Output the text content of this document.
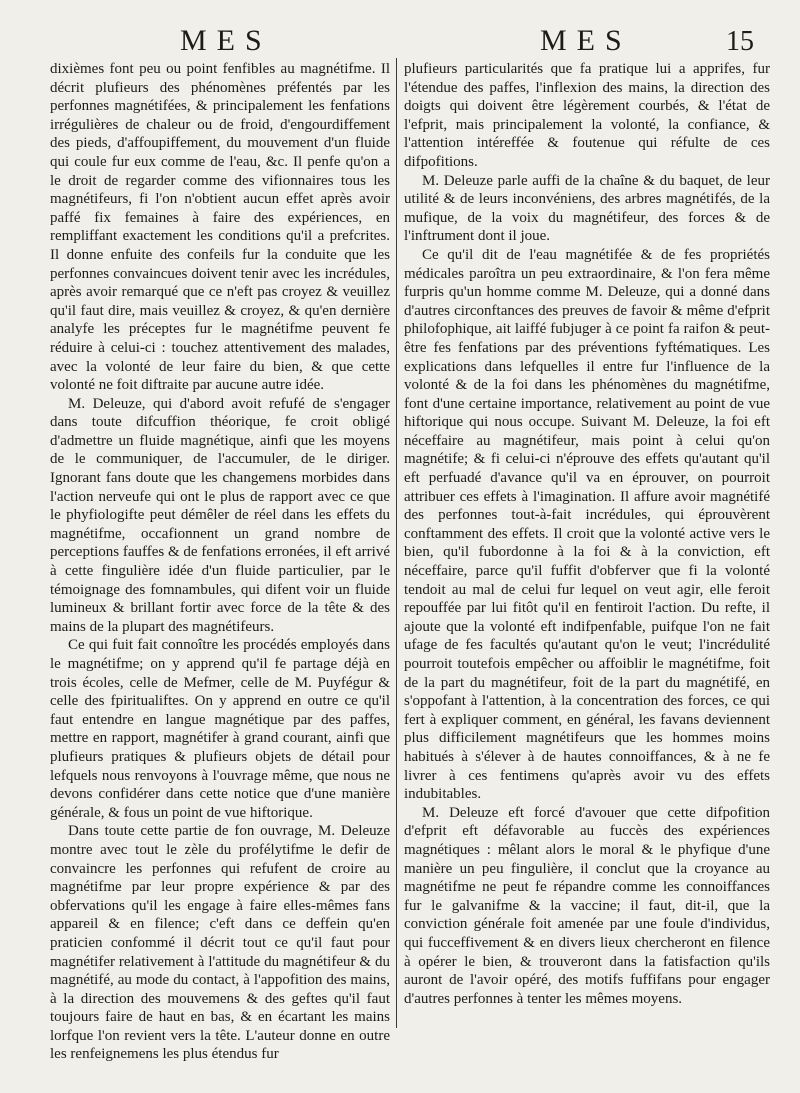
MES	MES	15

dixièmes font peu ou point fenfibles au magnétifme. Il décrit plufieurs des phénomènes préfentés par les perfonnes magnétifées, & principalement les fenfations irrégulières de chaleur ou de froid, d'engourdiffement des pieds, d'affoupiffement, du mouvement d'un fluide qui coule fur eux comme de l'eau, &c. Il penfe qu'on a le droit de regarder comme des vifionnaires tous les magnétifeurs, fi l'on n'obtient aucun effet après avoir paffé fix femaines à faire des expériences, en rempliffant exactement les conditions qu'il a prefcrites. Il donne enfuite des confeils fur la conduite que les perfonnes convaincues doivent tenir avec les incrédules, après avoir remarqué que ce n'eft pas croyez & veuillez qu'il faut dire, mais veuillez & croyez, & qu'en dernière analyfe les préceptes fur le magnétifme peuvent fe réduire à celui-ci : touchez attentivement des malades, avec la volonté de leur faire du bien, & que cette volonté ne foit diftraite par aucune autre idée.

M. Deleuze, qui d'abord avoit refufé de s'engager dans toute difcuffion théorique, fe croit obligé d'admettre un fluide magnétique, ainfi que les moyens de le communiquer, de l'accumuler, de le diriger. Ignorant fans doute que les changemens morbides dans l'action nerveufe qui ont le plus de rapport avec ce que le phyfiologifte peut démêler de réel dans les effets du magnétifme, occafionnent un grand nombre de perceptions fauffes & de fenfations erronées, il eft arrivé à cette fingulière idée d'un fluide particulier, par le témoignage des fomnambules, qui difent voir un fluide lumineux & brillant fortir avec force de la tête & des mains de la plupart des magnétifeurs.

Ce qui fuit fait connoître les procédés employés dans le magnétifme; on y apprend qu'il fe partage déjà en trois écoles, celle de Mefmer, celle de M. Puyfégur & celle des fpiritualiftes. On y apprend en outre ce qu'il faut entendre en langue magnétique par des paffes, mettre en rapport, magnétifer à grand courant, ainfi que plufieurs pratiques & plufieurs objets de détail pour lefquels nous renvoyons à l'ouvrage même, que nous ne devons confidérer dans cette notice que d'une manière générale, & fous un point de vue hiftorique.

Dans toute cette partie de fon ouvrage, M. Deleuze montre avec tout le zèle du profélytifme le defir de convaincre les perfonnes qui refufent de croire au magnétifme par leur propre expérience & par des obfervations qu'il les engage à faire elles-mêmes fans appareil & en filence; c'eft dans ce deffein qu'en praticien confommé il décrit tout ce qu'il faut pour magnétifer relativement à l'attitude du magnétifeur & du magnétifé, au mode du contact, à l'appofition des mains, à la direction des mouvemens & des geftes qu'il faut toujours faire de haut en bas, & en écartant les mains lorfque l'on revient vers la tête. L'auteur donne en outre les renfeignemens les plus étendus fur

plufieurs particularités que fa pratique lui a apprifes, fur l'étendue des paffes, l'inflexion des mains, la direction des doigts qui doivent être légèrement courbés, & l'état de l'efprit, mais principalement la volonté, la confiance, & l'attention intéreffée & foutenue qui réfulte de ces difpofitions.

M. Deleuze parle auffi de la chaîne & du baquet, de leur utilité & de leurs inconvéniens, des arbres magnétifés, de la mufique, de la voix du magnétifeur, des forces & de l'inftrument dont il joue.

Ce qu'il dit de l'eau magnétifée & de fes propriétés médicales paroîtra un peu extraordinaire, & l'on fera même furpris qu'un homme comme M. Deleuze, qui a donné dans d'autres circonftances des preuves de favoir & même d'efprit philofophique, ait laiffé fubjuger à ce point fa raifon & peut-être fes fenfations par des préventions fyftématiques. Les explications dans lefquelles il entre fur l'influence de la volonté & de la foi dans les phénomènes du magnétifme, font d'une certaine importance, relativement au point de vue hiftorique qui nous occupe. Suivant M. Deleuze, la foi eft néceffaire au magnétifeur, mais point à celui qu'on magnétife; & fi celui-ci n'éprouve des effets qu'autant qu'il eft perfuadé d'avance qu'il va en éprouver, on pourroit attribuer ces effets à l'imagination. Il affure avoir magnétifé des perfonnes tout-à-fait incrédules, qui éprouvèrent conftamment des effets. Il croit que la volonté active vers le bien, qu'il fubordonne à la foi & à la conviction, eft néceffaire, parce qu'il fuffit d'obferver que fi la volonté tendoit au mal de celui fur lequel on veut agir, elle feroit repouffée par lui fitôt qu'il en fentiroit l'action. Du refte, il ajoute que la volonté eft indifpenfable, puifque l'on ne fait ufage de fes facultés qu'autant qu'on le veut; l'incrédulité pourroit toutefois empêcher ou affoiblir le magnétifme, foit de la part du magnétifeur, foit de la part du magnétifé, en s'oppofant à l'attention, à la concentration des forces, ce qui fert à expliquer comment, en général, les favans deviennent plus difficilement magnétifeurs que les hommes moins habitués à s'élever à de hautes connoiffances, & à ne fe livrer à ces fentimens qu'après avoir vu des effets indubitables.

M. Deleuze eft forcé d'avouer que cette difpofition d'efprit eft défavorable au fuccès des expériences magnétiques : mêlant alors le moral & le phyfique d'une manière un peu fingulière, il conclut que la croyance au magnétifme ne peut fe répandre comme les connoiffances fur le galvanifme & la vaccine; il faut, dit-il, que la conviction générale foit amenée par une foule d'individus, qui fucceffivement & en divers lieux chercheront en filence à opérer le bien, & trouveront dans la fatisfaction qu'ils auront de l'avoir opéré, des motifs fuffifans pour engager d'autres perfonnes à tenter les mêmes moyens.
